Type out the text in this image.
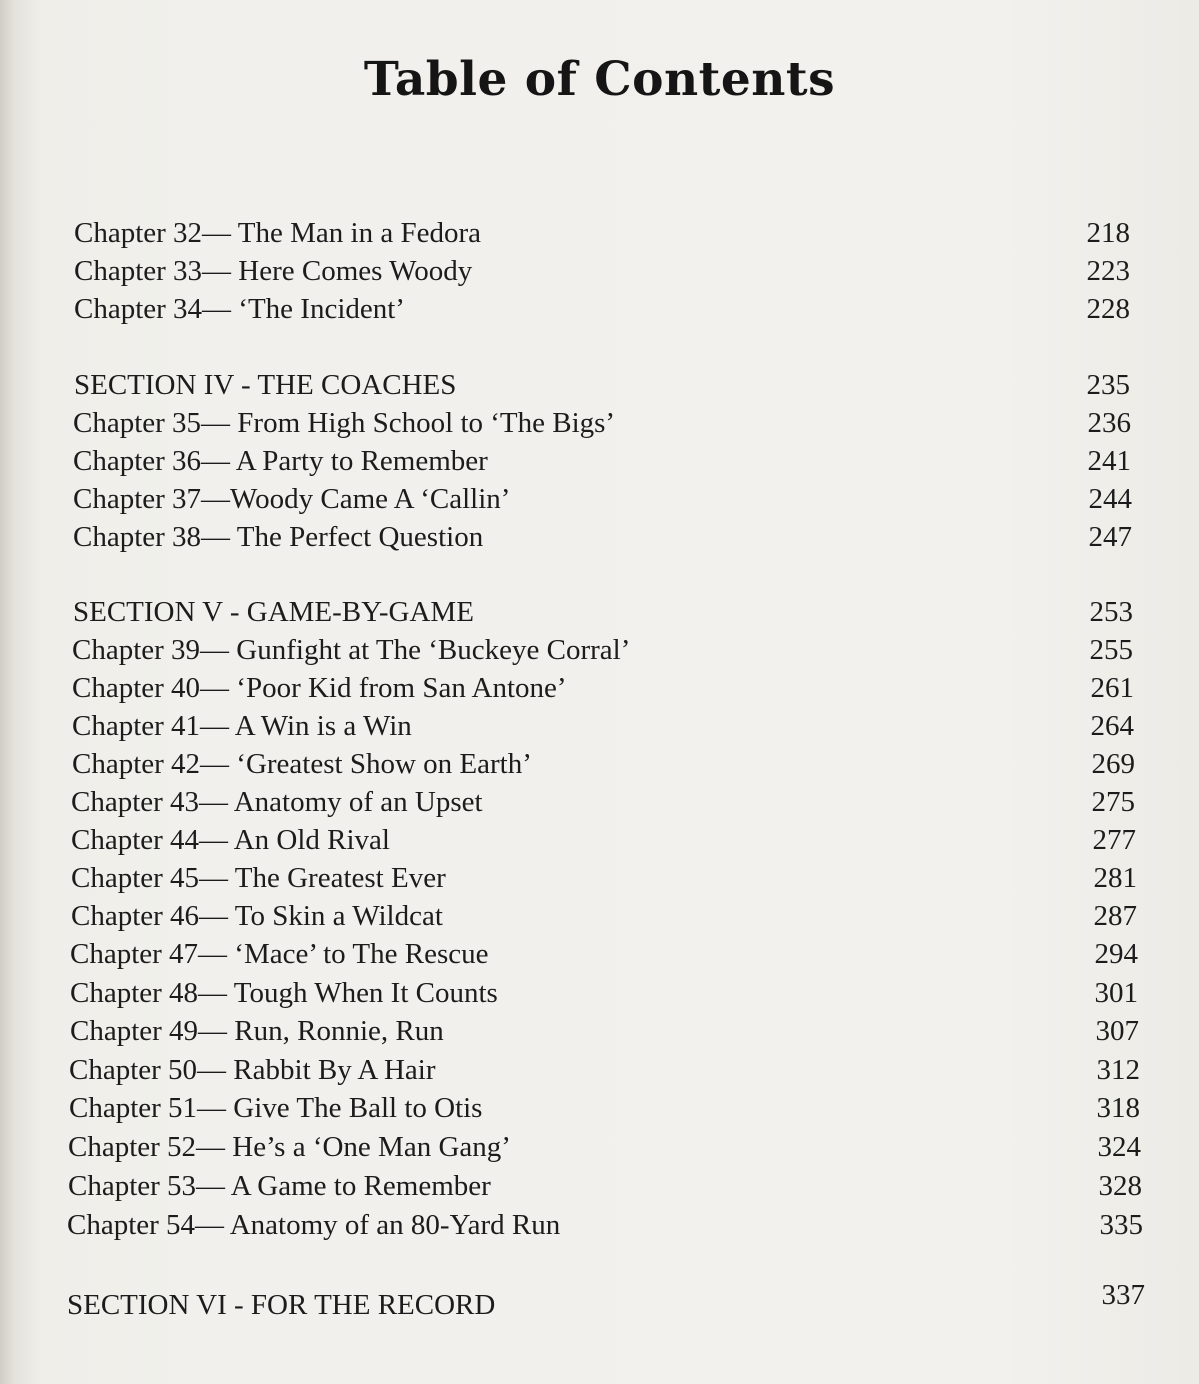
Table of Contents
Chapter 32— The Man in a Fedora	218
Chapter 33— Here Comes Woody	223
Chapter 34— ‘The Incident’	228
SECTION IV - THE COACHES	235
Chapter 35— From High School to ‘The Bigs’	236
Chapter 36— A Party to Remember	241
Chapter 37—Woody Came A ‘Callin’	244
Chapter 38— The Perfect Question	247
SECTION V - GAME-BY-GAME	253
Chapter 39— Gunfight at The ‘Buckeye Corral’	255
Chapter 40— ‘Poor Kid from San Antone’	261
Chapter 41— A Win is a Win	264
Chapter 42— ‘Greatest Show on Earth’	269
Chapter 43— Anatomy of an Upset	275
Chapter 44— An Old Rival	277
Chapter 45— The Greatest Ever	281
Chapter 46— To Skin a Wildcat	287
Chapter 47— ‘Mace’ to The Rescue	294
Chapter 48— Tough When It Counts	301
Chapter 49— Run, Ronnie, Run	307
Chapter 50— Rabbit By A Hair	312
Chapter 51— Give The Ball to Otis	318
Chapter 52— He’s a ‘One Man Gang’	324
Chapter 53— A Game to Remember	328
Chapter 54— Anatomy of an 80-Yard Run	335
SECTION VI - FOR THE RECORD	337
